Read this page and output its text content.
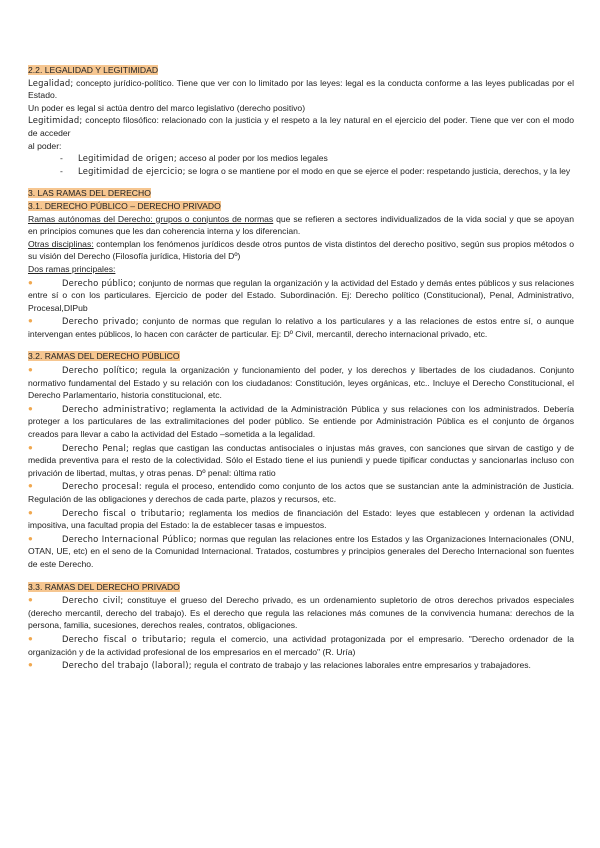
2.2. LEGALIDAD Y LEGITIMIDAD

Legalidad; concepto jurídico-político. Tiene que ver con lo limitado por las leyes: legal es la conducta conforme a las leyes publicadas por el Estado.

Un poder es legal si actúa dentro del marco legislativo (derecho positivo)

Legitimidad; concepto filosófico: relacionado con la justicia y el respeto a la ley natural en el ejercicio del poder. Tiene que ver con el modo de acceder

al poder:

-	Legitimidad de origen; acceso al poder por los medios legales
-	Legitimidad de ejercicio; se logra o se mantiene por el modo en que se ejerce el poder: respetando justicia, derechos, y la ley
3. LAS RAMAS DEL DERECHO
3.1. DERECHO PÚBLICO – DERECHO PRIVADO

Ramas autónomas del Derecho: grupos o conjuntos de normas que se refieren a sectores individualizados de la vida social y que se apoyan en principios comunes que les dan coherencia interna y los diferencian.

Otras disciplinas: contemplan los fenómenos jurídicos desde otros puntos de vista distintos del derecho positivo, según sus propios métodos o su visión del Derecho (Filosofía jurídica, Historia del Dº)

Dos ramas principales:

●	Derecho público; conjunto de normas que regulan la organización y la actividad del Estado y demás entes públicos y sus relaciones entre sí o con los particulares. Ejercicio de poder del Estado. Subordinación. Ej: Derecho político (Constitucional), Penal, Administrativo, Procesal,DIPub

●	Derecho privado; conjunto de normas que regulan lo relativo a los particulares y a las relaciones de estos entre sí, o aunque intervengan entes públicos, lo hacen con carácter de particular. Ej: Dº Civil, mercantil, derecho internacional privado, etc.

3.2. RAMAS DEL DERECHO PÚBLICO

●	Derecho político; regula la organización y funcionamiento del poder, y los derechos y libertades de los ciudadanos. Conjunto normativo fundamental del Estado y su relación con los ciudadanos: Constitución, leyes orgánicas, etc.. Incluye el Derecho Constitucional, el Derecho Parlamentario, historia constitucional, etc.

●	Derecho administrativo; reglamenta la actividad de la Administración Pública y sus relaciones con los administrados. Debería proteger a los particulares de las extralimitaciones del poder público. Se entiende por Administración Pública es el conjunto de órganos creados para llevar a cabo la actividad del Estado –sometida a la legalidad.

●	Derecho Penal; reglas que castigan las conductas antisociales o injustas más graves, con sanciones que sirvan de castigo y de medida preventiva para el resto de la colectividad. Sólo el Estado tiene el ius puniendi y puede tipificar conductas y sancionarlas incluso con privación de libertad, multas, y otras penas. Dº penal: última ratio

●	Derecho procesal: regula el proceso, entendido como conjunto de los actos que se sustancian ante la administración de Justicia. Regulación de las obligaciones y derechos de cada parte, plazos y recursos, etc.

●	Derecho fiscal o tributario; reglamenta los medios de financiación del Estado: leyes que establecen y ordenan la actividad impositiva, una facultad propia del Estado: la de establecer tasas e impuestos.

●	Derecho Internacional Público; normas que regulan las relaciones entre los Estados y las Organizaciones Internacionales (ONU, OTAN, UE, etc) en el seno de la Comunidad Internacional. Tratados, costumbres y principios generales del Derecho Internacional son fuentes de este Derecho.

3.3. RAMAS DEL DERECHO PRIVADO

●	Derecho civil; constituye el grueso del Derecho privado, es un ordenamiento supletorio de otros derechos privados especiales (derecho mercantil, derecho del trabajo). Es el derecho que regula las relaciones más comunes de la convivencia humana: derechos de la persona, familia, sucesiones, derechos reales, contratos, obligaciones.

●	Derecho fiscal o tributario; regula el comercio, una actividad protagonizada por el empresario. "Derecho ordenador de la organización y de la actividad profesional de los empresarios en el mercado" (R. Uría)

●	Derecho del trabajo (laboral); regula el contrato de trabajo y las relaciones laborales entre empresarios y trabajadores.
